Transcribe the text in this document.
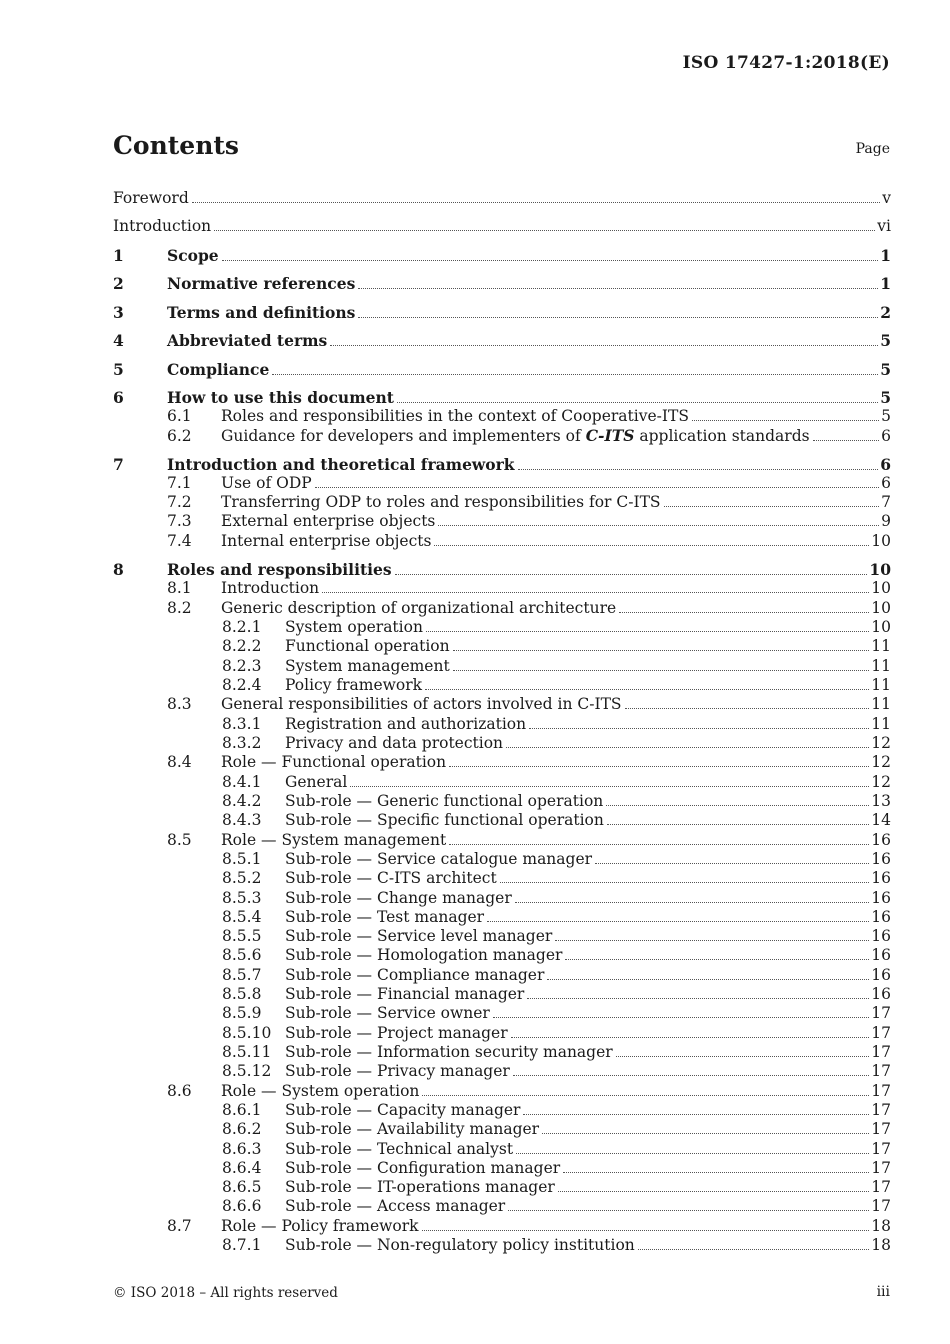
ISO 17427-1:2018(E)
Contents	Page
Foreword	v
Introduction	vi
1	Scope	1
2	Normative references	1
3	Terms and definitions	2
4	Abbreviated terms	5
5	Compliance	5
6	How to use this document	5
6.1	Roles and responsibilities in the context of Cooperative-ITS	5
6.2	Guidance for developers and implementers of C-ITS application standards	6
7	Introduction and theoretical framework	6
7.1	Use of ODP	6
7.2	Transferring ODP to roles and responsibilities for C-ITS	7
7.3	External enterprise objects	9
7.4	Internal enterprise objects	10
8	Roles and responsibilities	10
8.1	Introduction	10
8.2	Generic description of organizational architecture	10
8.2.1	System operation	10
8.2.2	Functional operation	11
8.2.3	System management	11
8.2.4	Policy framework	11
8.3	General responsibilities of actors involved in C-ITS	11
8.3.1	Registration and authorization	11
8.3.2	Privacy and data protection	12
8.4	Role — Functional operation	12
8.4.1	General	12
8.4.2	Sub-role — Generic functional operation	13
8.4.3	Sub-role — Specific functional operation	14
8.5	Role — System management	16
8.5.1	Sub-role — Service catalogue manager	16
8.5.2	Sub-role — C-ITS architect	16
8.5.3	Sub-role — Change manager	16
8.5.4	Sub-role — Test manager	16
8.5.5	Sub-role — Service level manager	16
8.5.6	Sub-role — Homologation manager	16
8.5.7	Sub-role — Compliance manager	16
8.5.8	Sub-role — Financial manager	16
8.5.9	Sub-role — Service owner	17
8.5.10 Sub-role — Project manager	17
8.5.11 Sub-role — Information security manager	17
8.5.12 Sub-role — Privacy manager	17
8.6	Role — System operation	17
8.6.1	Sub-role — Capacity manager	17
8.6.2	Sub-role — Availability manager	17
8.6.3	Sub-role — Technical analyst	17
8.6.4	Sub-role — Configuration manager	17
8.6.5	Sub-role — IT-operations manager	17
8.6.6	Sub-role — Access manager	17
8.7	Role — Policy framework	18
8.7.1	Sub-role — Non-regulatory policy institution	18
© ISO 2018 – All rights reserved	iii
